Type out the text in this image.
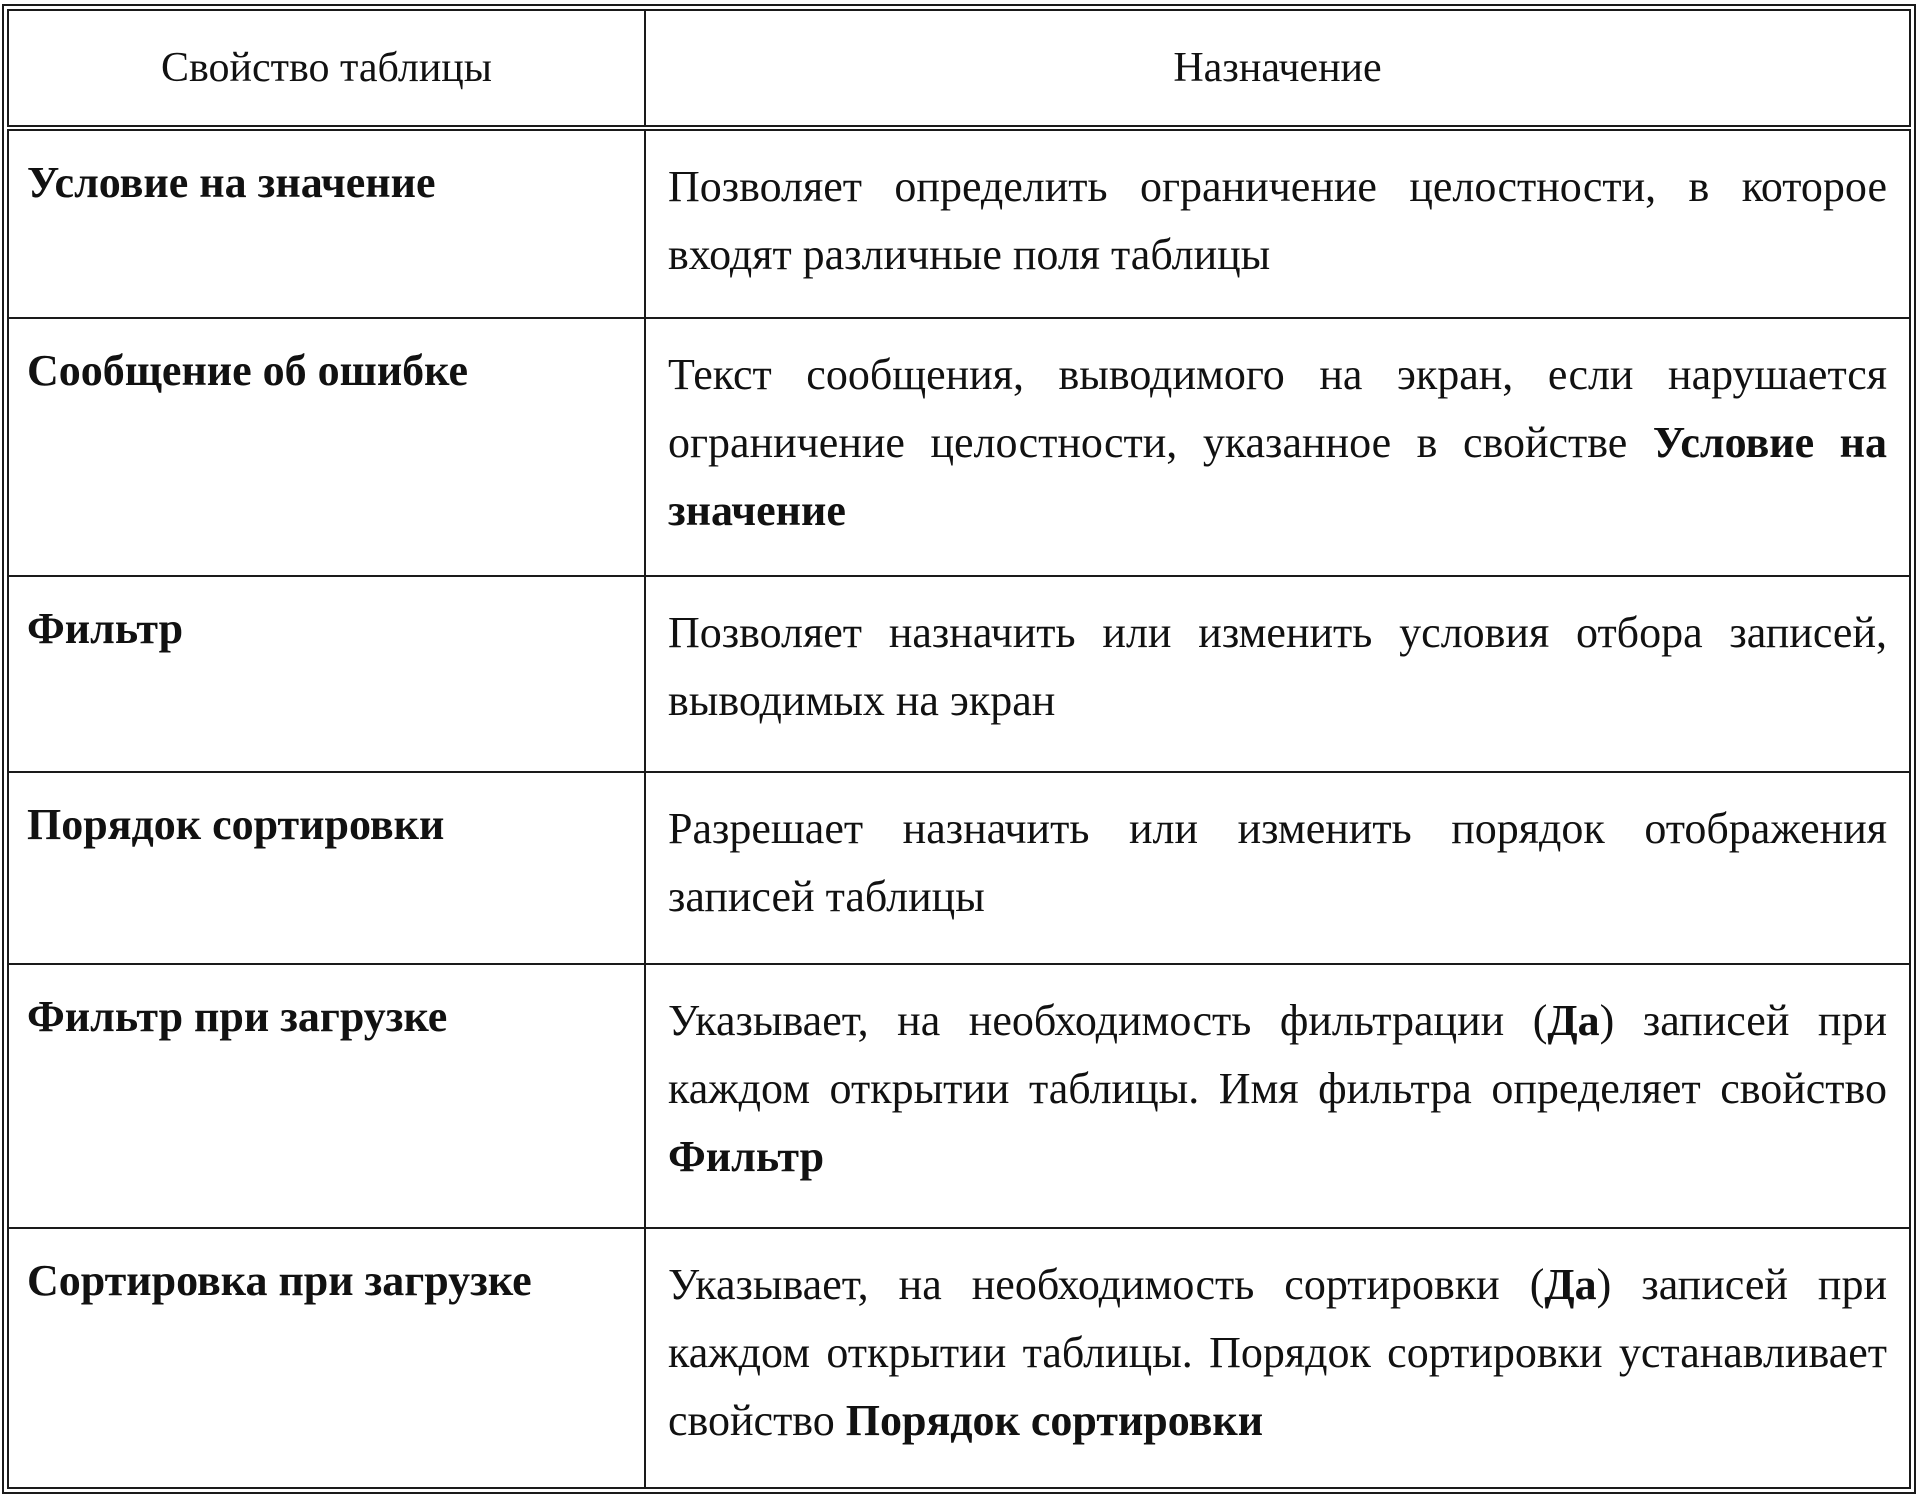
Свойство таблицы	Назначение
Условие на значение	Позволяет определить ограничение целостности, в которое входят различные поля таблицы
Сообщение об ошибке	Текст сообщения, выводимого на экран, если нарушается ограничение целостности, указанное в свойстве Условие на значение
Фильтр	Позволяет назначить или изменить условия отбора записей, выводимых на экран
Порядок сортировки	Разрешает назначить или изменить порядок отображения записей таблицы
Фильтр при загрузке	Указывает, на необходимость фильтрации (Да) записей при каждом открытии таблицы. Имя фильтра определяет свойство Фильтр
Сортировка при загрузке	Указывает, на необходимость сортировки (Да) записей при каждом открытии таблицы. Порядок сортировки устанавливает свойство Порядок сортировки
